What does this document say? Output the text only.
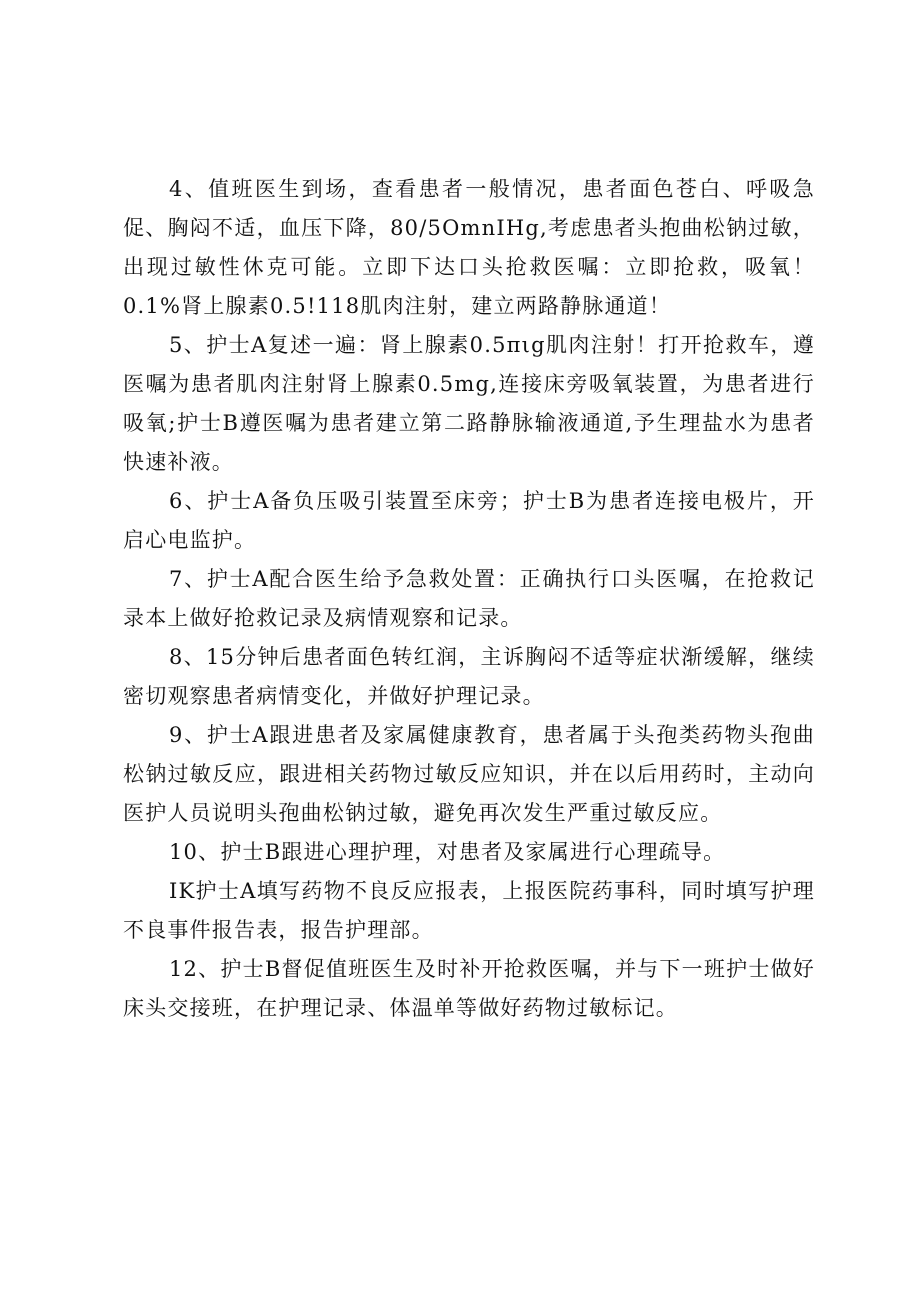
4、值班医生到场，查看患者一般情况，患者面色苍白、呼吸急促、胸闷不适，血压下降，80/5OmnIHg,考虑患者头抱曲松钠过敏，出现过敏性休克可能。立即下达口头抢救医嘱：立即抢救，吸氧！0.1%肾上腺素0.5!118肌肉注射，建立两路静脉通道！

5、护士A复述一遍：肾上腺素0.5πιg肌肉注射！打开抢救车，遵医嘱为患者肌肉注射肾上腺素0.5mg,连接床旁吸氧装置，为患者进行吸氧;护士B遵医嘱为患者建立第二路静脉输液通道,予生理盐水为患者快速补液。

6、护士A备负压吸引装置至床旁；护士B为患者连接电极片，开启心电监护。

7、护士A配合医生给予急救处置：正确执行口头医嘱，在抢救记录本上做好抢救记录及病情观察和记录。

8、15分钟后患者面色转红润，主诉胸闷不适等症状渐缓解，继续密切观察患者病情变化，并做好护理记录。

9、护士A跟进患者及家属健康教育，患者属于头孢类药物头孢曲松钠过敏反应，跟进相关药物过敏反应知识，并在以后用药时，主动向医护人员说明头孢曲松钠过敏，避免再次发生严重过敏反应。

10、护士B跟进心理护理，对患者及家属进行心理疏导。

IK护士A填写药物不良反应报表，上报医院药事科，同时填写护理不良事件报告表，报告护理部。

12、护士B督促值班医生及时补开抢救医嘱，并与下一班护士做好床头交接班，在护理记录、体温单等做好药物过敏标记。
